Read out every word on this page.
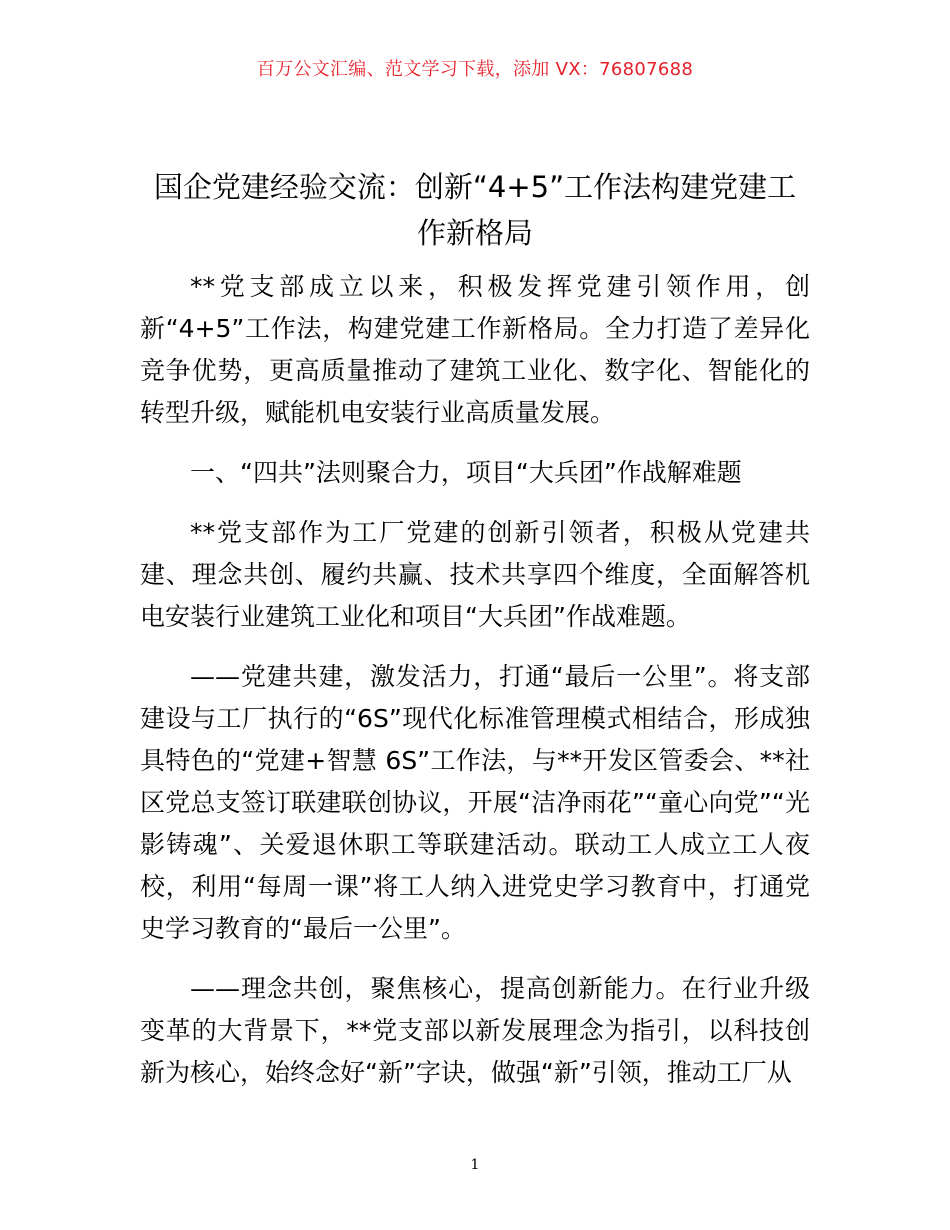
百万公文汇编、范文学习下载，添加 VX：76807688
国企党建经验交流：创新“4+5”工作法构建党建工作新格局

**党支部成立以来，积极发挥党建引领作用，创新“4+5”工作法，构建党建工作新格局。全力打造了差异化竞争优势，更高质量推动了建筑工业化、数字化、智能化的转型升级，赋能机电安装行业高质量发展。

一、“四共”法则聚合力，项目“大兵团”作战解难题

**党支部作为工厂党建的创新引领者，积极从党建共建、理念共创、履约共赢、技术共享四个维度，全面解答机电安装行业建筑工业化和项目“大兵团”作战难题。

——党建共建，激发活力，打通“最后一公里”。将支部建设与工厂执行的“6S”现代化标准管理模式相结合，形成独具特色的“党建+智慧 6S”工作法，与**开发区管委会、**社区党总支签订联建联创协议，开展“洁净雨花”“童心向党”“光影铸魂”、关爱退休职工等联建活动。联动工人成立工人夜校，利用“每周一课”将工人纳入进党史学习教育中，打通党史学习教育的“最后一公里”。

——理念共创，聚焦核心，提高创新能力。在行业升级变革的大背景下，**党支部以新发展理念为指引，以科技创新为核心，始终念好“新”字诀，做强“新”引领，推动工厂从

1
